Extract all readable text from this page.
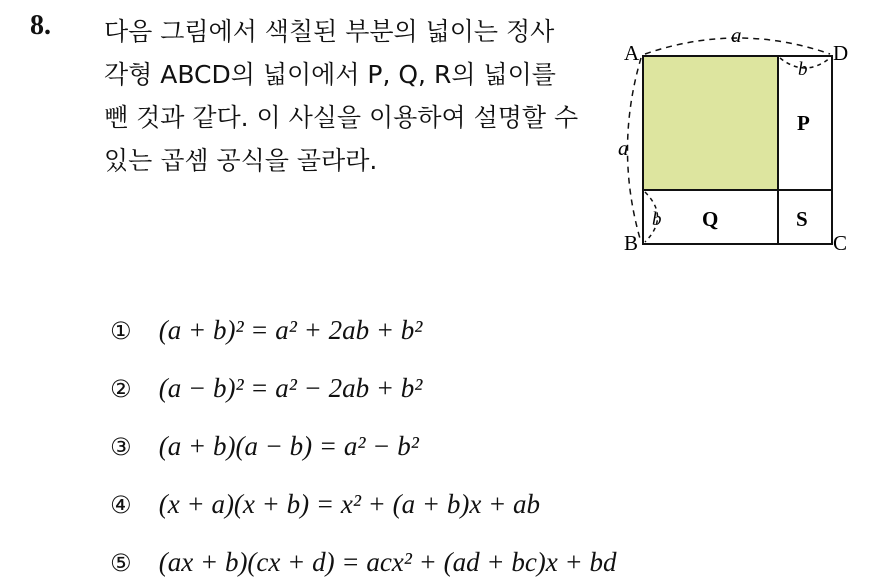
8. 다음 그림에서 색칠된 부분의 넓이는 정사
각형 ABCD의 넓이에서 P, Q, R의 넓이를
뺀 것과 같다. 이 사실을 이용하여 설명할 수
있는 곱셈 공식을 골라라.
A	D
B	C
a
a
b
b
P
Q	S
① (a + b)² = a² + 2ab + b²
② (a − b)² = a² − 2ab + b²
③ (a + b)(a − b) = a² − b²
④ (x + a)(x + b) = x² + (a + b)x + ab
⑤ (ax + b)(cx + d) = acx² + (ad + bc)x + bd
